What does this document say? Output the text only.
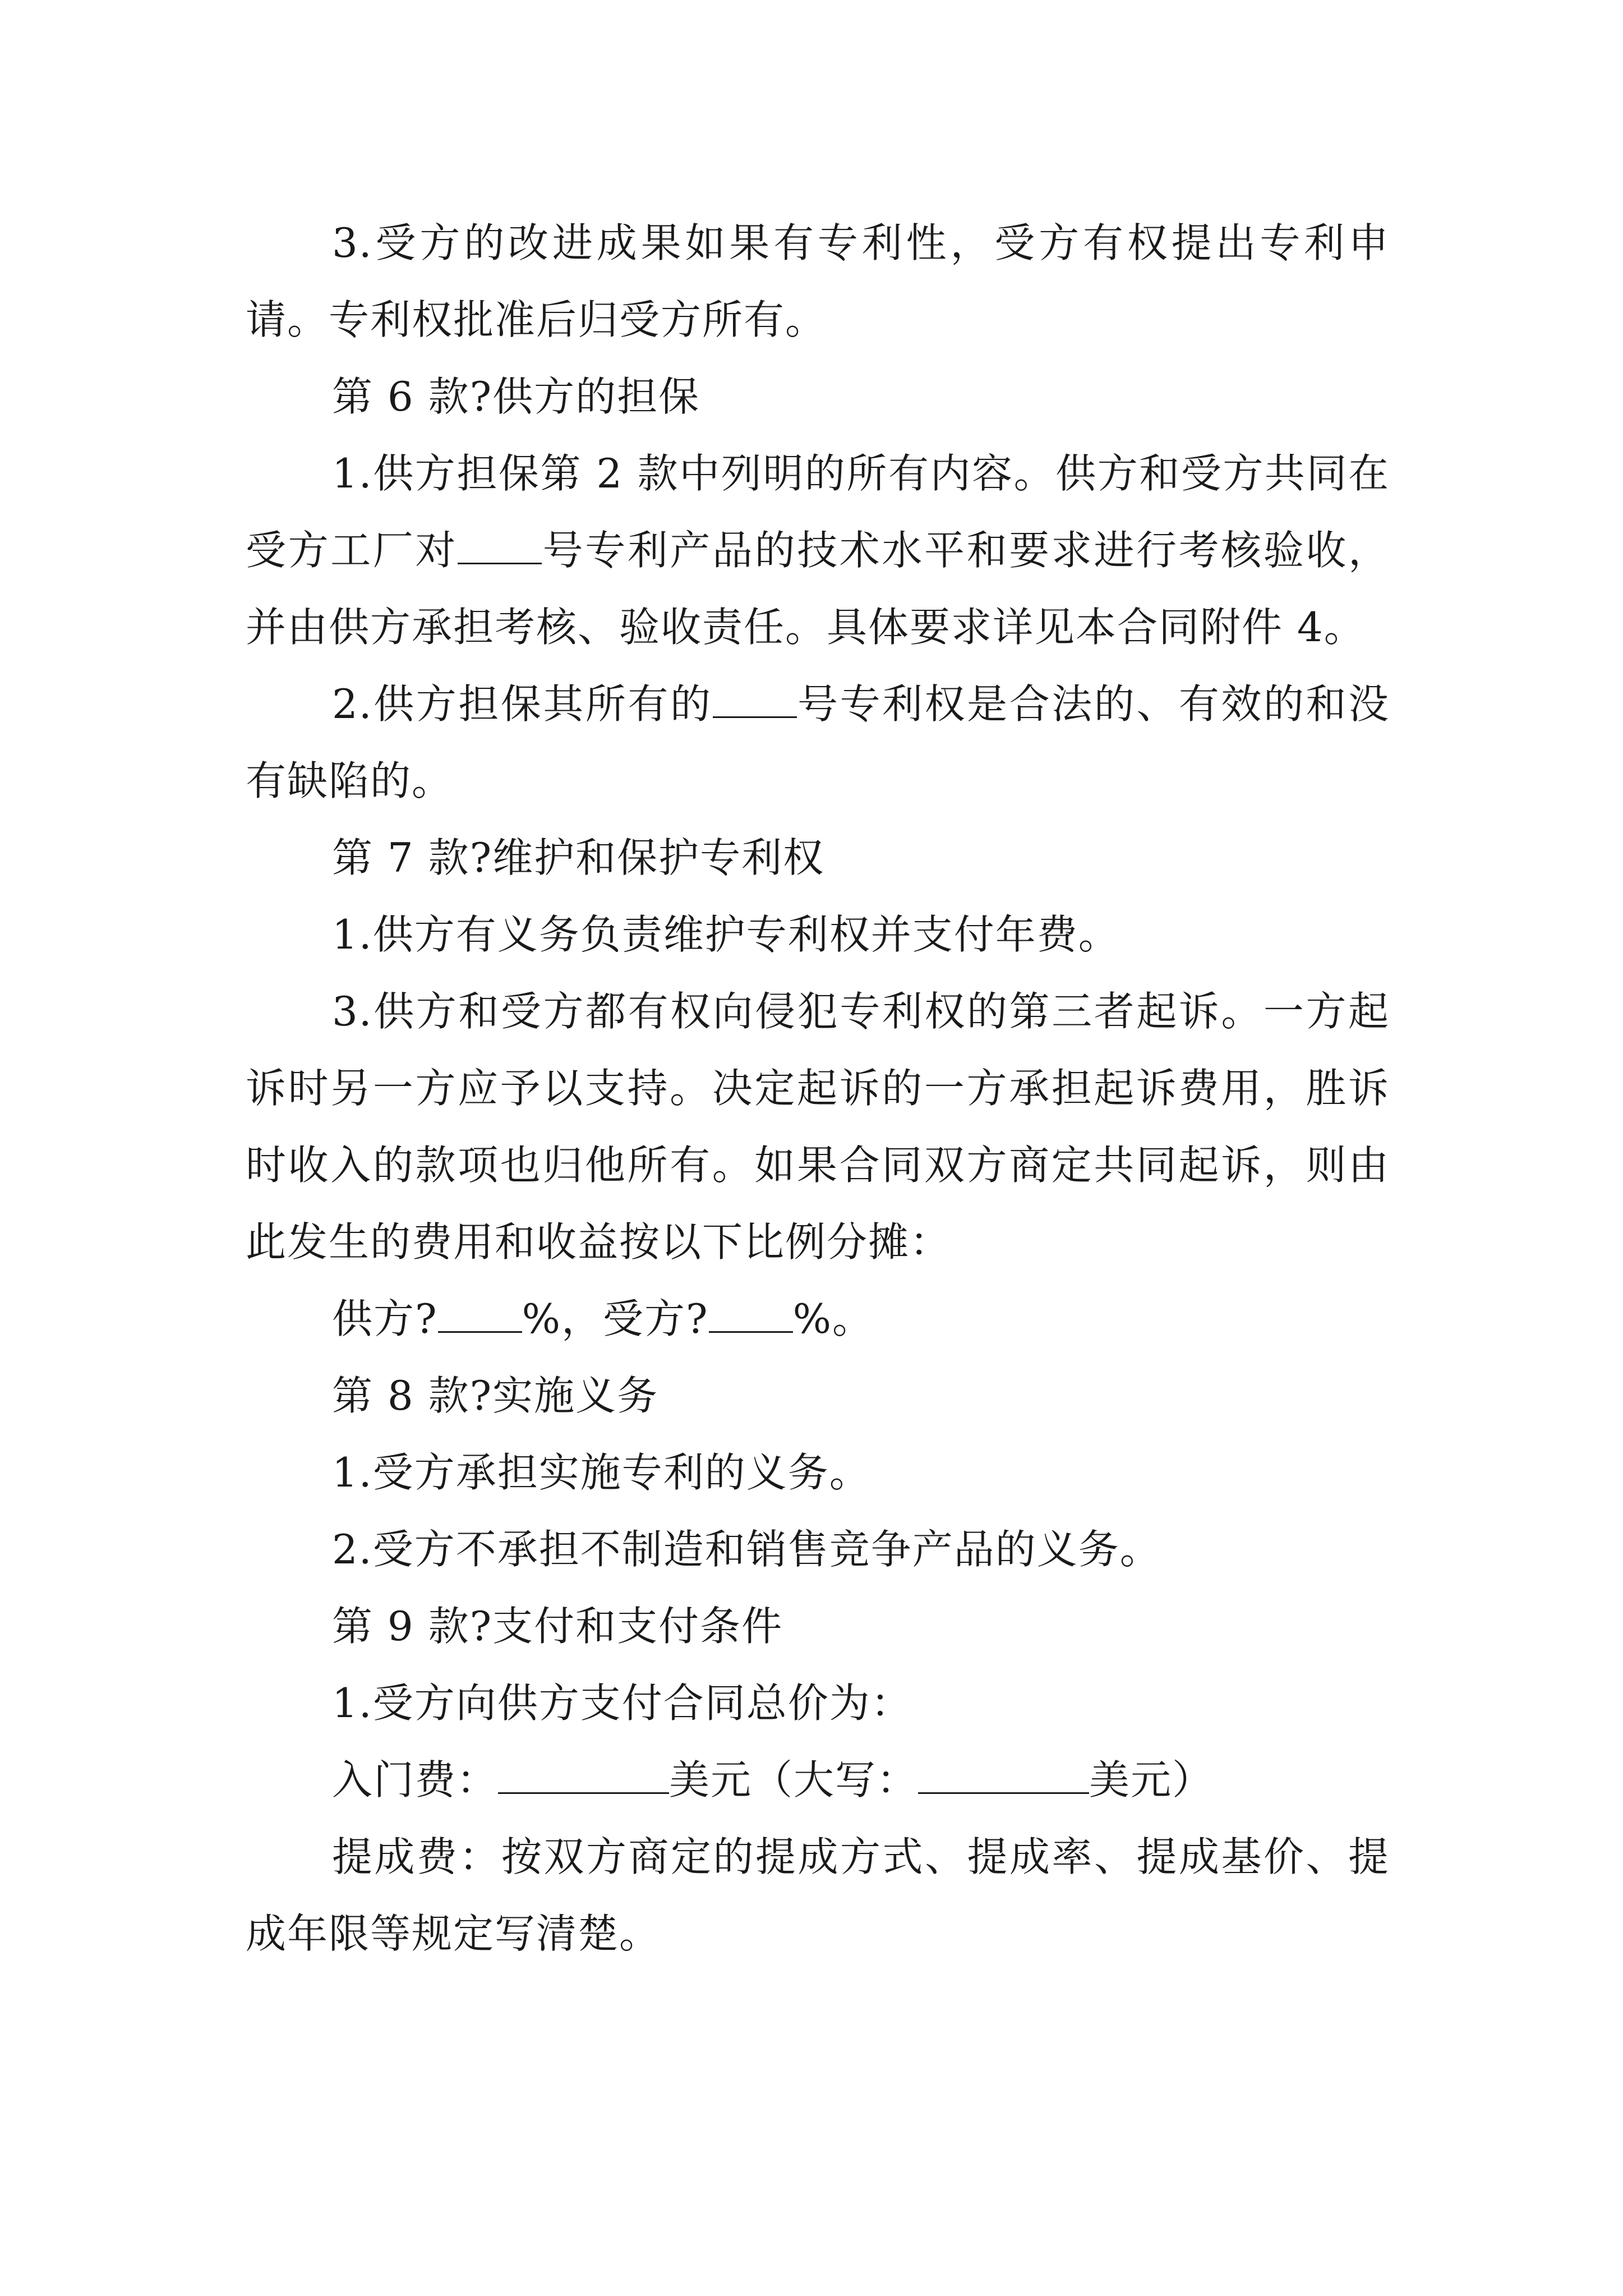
3.受方的改进成果如果有专利性，受方有权提出专利申请。专利权批准后归受方所有。

第 6 款?供方的担保

1.供方担保第 2 款中列明的所有内容。供方和受方共同在受方工厂对 号专利产品的技术水平和要求进行考核验收，并由供方承担考核、验收责任。具体要求详见本合同附件 4。

2.供方担保其所有的 号专利权是合法的、有效的和没有缺陷的。

第 7 款?维护和保护专利权

1.供方有义务负责维护专利权并支付年费。

3.供方和受方都有权向侵犯专利权的第三者起诉。一方起诉时另一方应予以支持。决定起诉的一方承担起诉费用，胜诉时收入的款项也归他所有。如果合同双方商定共同起诉，则由此发生的费用和收益按以下比例分摊：

供方? %，受方? %。

第 8 款?实施义务

1.受方承担实施专利的义务。

2.受方不承担不制造和销售竞争产品的义务。

第 9 款?支付和支付条件

1.受方向供方支付合同总价为：

入门费：	美元（大写：	美元）

提成费：按双方商定的提成方式、提成率、提成基价、提成年限等规定写清楚。
